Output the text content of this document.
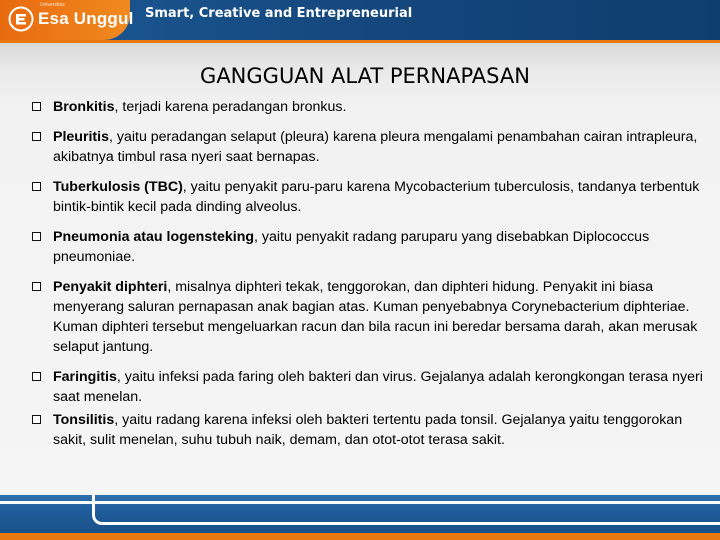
Universitas
Esa Unggul Smart, Creative and Entrepreneurial
GANGGUAN ALAT PERNAPASAN
Bronkitis, terjadi karena peradangan bronkus.
Pleuritis, yaitu peradangan selaput (pleura) karena pleura mengalami penambahan cairan intrapleura, akibatnya timbul rasa nyeri saat bernapas.
Tuberkulosis (TBC), yaitu penyakit paru-paru karena Mycobacterium tuberculosis, tandanya terbentuk bintik-bintik kecil pada dinding alveolus.
Pneumonia atau logensteking, yaitu penyakit radang paruparu yang disebabkan Diplococcus pneumoniae.
Penyakit diphteri, misalnya diphteri tekak, tenggorokan, dan diphteri hidung. Penyakit ini biasa menyerang saluran pernapasan anak bagian atas. Kuman penyebabnya Corynebacterium diphteriae. Kuman diphteri tersebut mengeluarkan racun dan bila racun ini beredar bersama darah, akan merusak selaput jantung.
Faringitis, yaitu infeksi pada faring oleh bakteri dan virus. Gejalanya adalah kerongkongan terasa nyeri saat menelan.
Tonsilitis, yaitu radang karena infeksi oleh bakteri tertentu pada tonsil. Gejalanya yaitu tenggorokan sakit, sulit menelan, suhu tubuh naik, demam, dan otot-otot terasa sakit.
